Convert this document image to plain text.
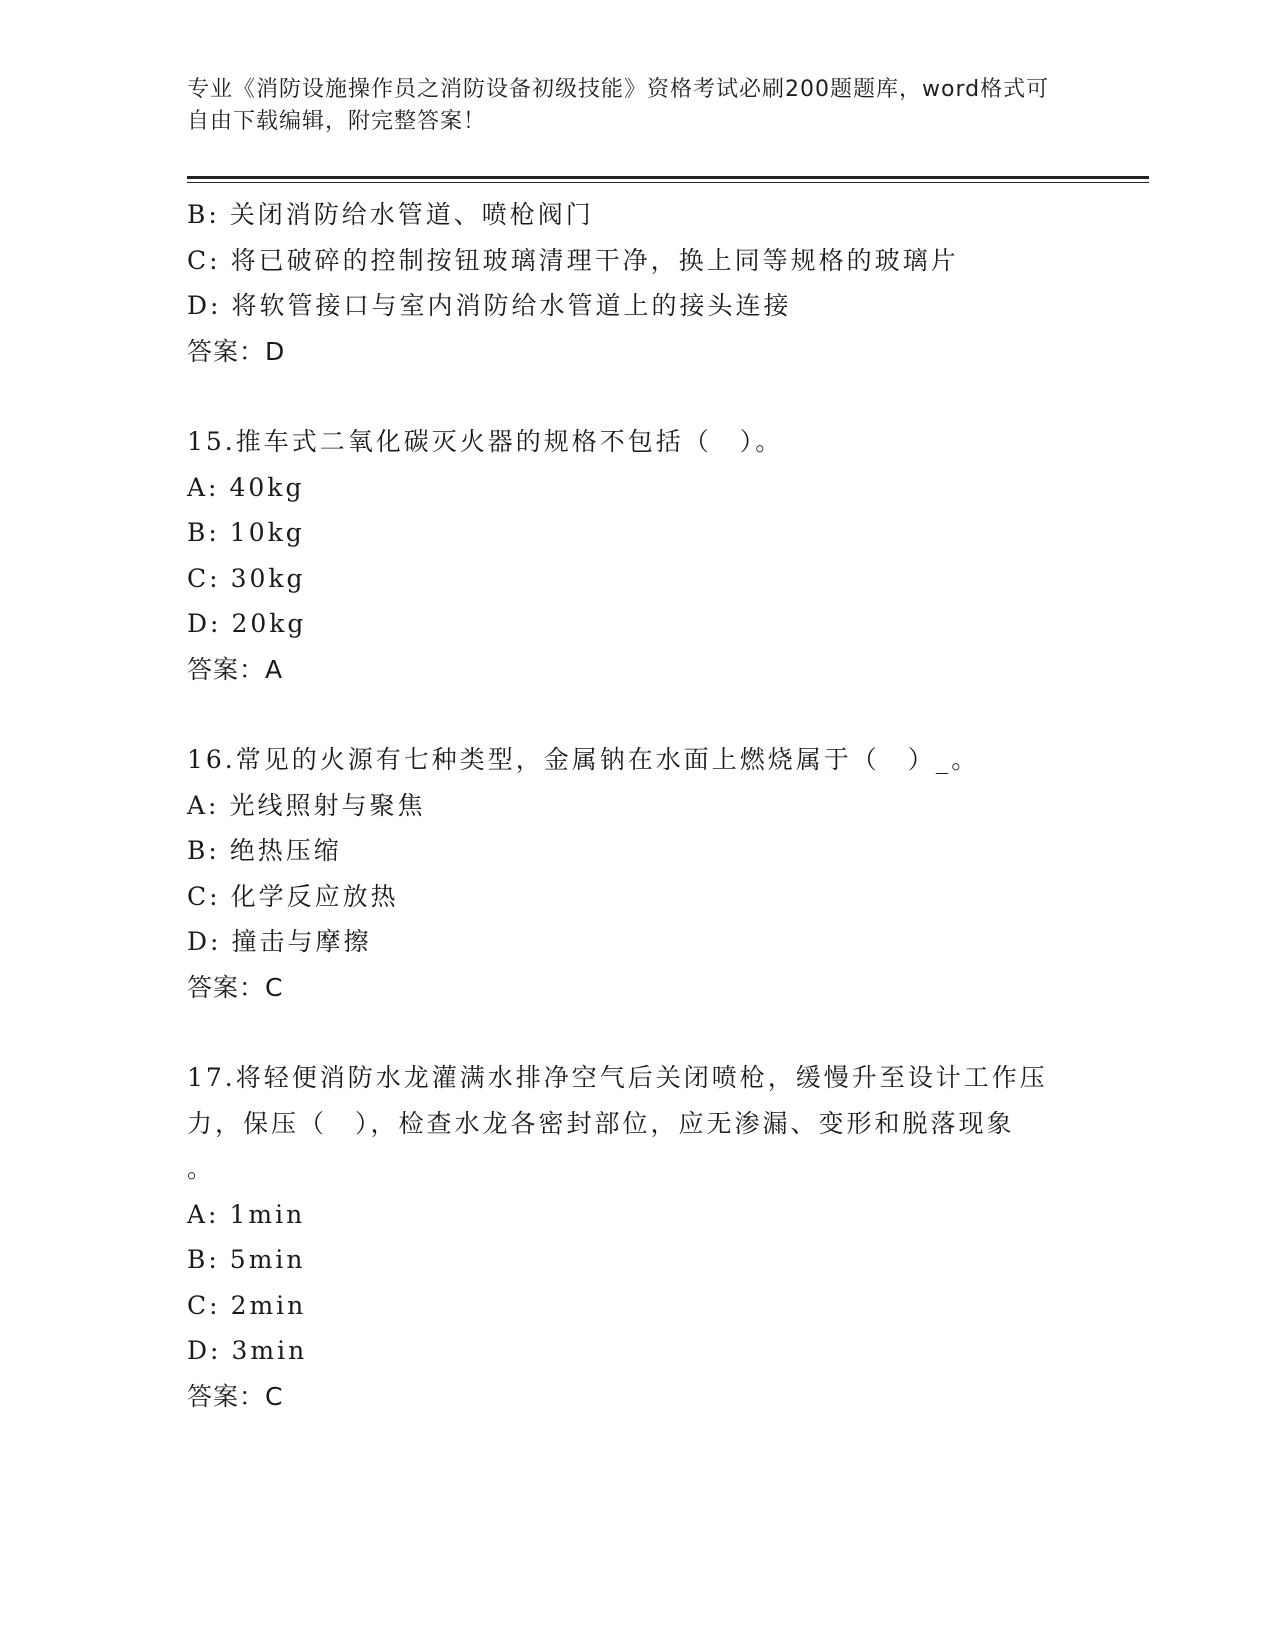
专业《消防设施操作员之消防设备初级技能》资格考试必刷200题题库，word格式可自由下载编辑，附完整答案！
B: 关闭消防给水管道、喷枪阀门
C: 将已破碎的控制按钮玻璃清理干净，换上同等规格的玻璃片
D: 将软管接口与室内消防给水管道上的接头连接
答案：D
15.推车式二氧化碳灭火器的规格不包括（　）。
A: 40kg
B: 10kg
C: 30kg
D: 20kg
答案：A
16.常见的火源有七种类型，金属钠在水面上燃烧属于（　）_。
A: 光线照射与聚焦
B: 绝热压缩
C: 化学反应放热
D: 撞击与摩擦
答案：C
17.将轻便消防水龙灌满水排净空气后关闭喷枪，缓慢升至设计工作压
力，保压（　），检查水龙各密封部位，应无渗漏、变形和脱落现象
。
A: 1min
B: 5min
C: 2min
D: 3min
答案：C
